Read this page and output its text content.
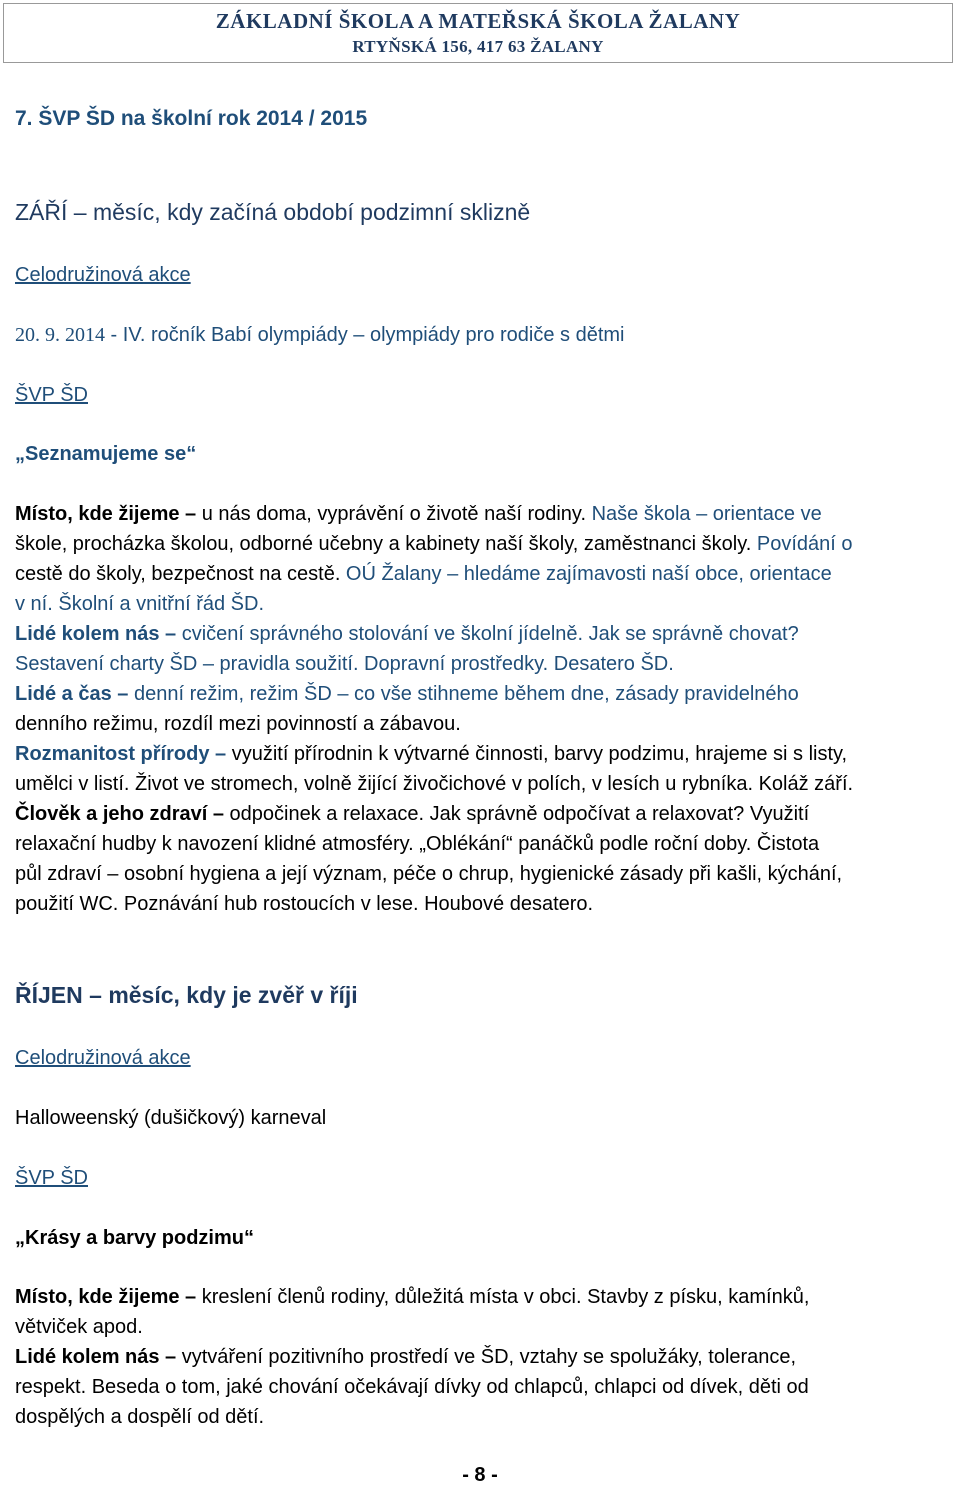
ZÁKLADNÍ ŠKOLA A MATEŘSKÁ ŠKOLA ŽALANY
RTYŇSKÁ 156, 417 63 ŽALANY
7. ŠVP ŠD na školní rok 2014 / 2015
ZÁŘÍ – měsíc, kdy začíná období podzimní sklizně
Celodružinová akce
20. 9. 2014 - IV. ročník Babí olympiády – olympiády pro rodiče s dětmi
ŠVP ŠD
„Seznamujeme se“
Místo, kde žijeme – u nás doma, vyprávění o životě naší rodiny. Naše škola – orientace ve
škole, procházka školou, odborné učebny a kabinety naší školy, zaměstnanci školy. Povídání o
cestě do školy, bezpečnost na cestě. OÚ Žalany – hledáme zajímavosti naší obce, orientace
v ní. Školní a vnitřní řád ŠD.
Lidé kolem nás – cvičení správného stolování ve školní jídelně. Jak se správně chovat?
Sestavení charty ŠD – pravidla soužití. Dopravní prostředky. Desatero ŠD.
Lidé a čas – denní režim, režim ŠD – co vše stihneme během dne, zásady pravidelného
denního režimu, rozdíl mezi povinností a zábavou.
Rozmanitost přírody – využití přírodnin k výtvarné činnosti, barvy podzimu, hrajeme si s listy,
umělci v listí. Život ve stromech, volně žijící živočichové v polích, v lesích u rybníka. Koláž září.
Člověk a jeho zdraví – odpočinek a relaxace. Jak správně odpočívat a relaxovat? Využití
relaxační hudby k navození klidné atmosféry. „Oblékání“ panáčků podle roční doby. Čistota
půl zdraví – osobní hygiena a její význam, péče o chrup, hygienické zásady při kašli, kýchání,
použití WC. Poznávání hub rostoucích v lese. Houbové desatero.
ŘÍJEN – měsíc, kdy je zvěř v říji
Celodružinová akce
Halloweenský (dušičkový) karneval
ŠVP ŠD
„Krásy a barvy podzimu“
Místo, kde žijeme – kreslení členů rodiny, důležitá místa v obci. Stavby z písku, kamínků,
větviček apod.
Lidé kolem nás – vytváření pozitivního prostředí ve ŠD, vztahy se spolužáky, tolerance,
respekt. Beseda o tom, jaké chování očekávají dívky od chlapců, chlapci od dívek, děti od
dospělých a dospělí od dětí.
- 8 -
